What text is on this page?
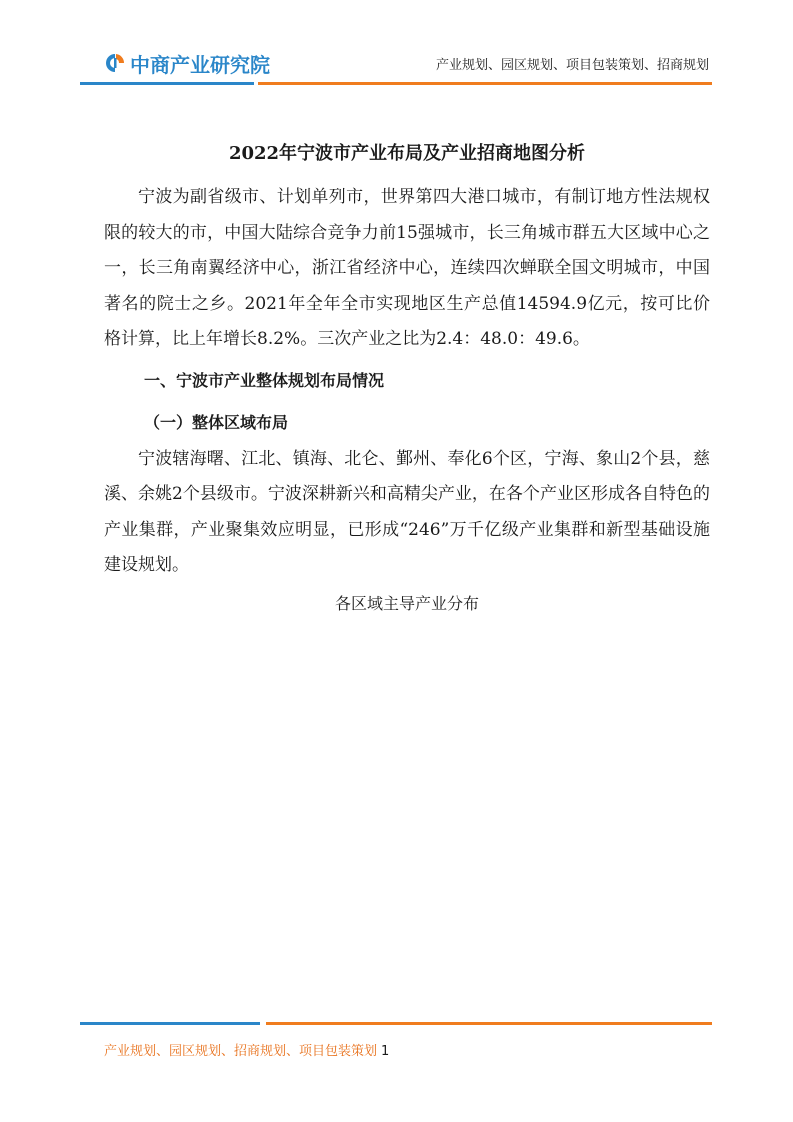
中商产业研究院	产业规划、园区规划、项目包装策划、招商规划
2022年宁波市产业布局及产业招商地图分析

宁波为副省级市、计划单列市，世界第四大港口城市，有制订地方性法规权限的较大的市，中国大陆综合竞争力前15强城市，长三角城市群五大区域中心之一，长三角南翼经济中心，浙江省经济中心，连续四次蝉联全国文明城市，中国著名的院士之乡。2021年全年全市实现地区生产总值14594.9亿元，按可比价格计算，比上年增长8.2%。三次产业之比为2.4：48.0：49.6。

一、宁波市产业整体规划布局情况
（一）整体区域布局

宁波辖海曙、江北、镇海、北仑、鄞州、奉化6个区，宁海、象山2个县，慈溪、余姚2个县级市。宁波深耕新兴和高精尖产业，在各个产业区形成各自特色的产业集群，产业聚集效应明显，已形成“246”万千亿级产业集群和新型基础设施建设规划。

各区域主导产业分布
产业规划、园区规划、招商规划、项目包装策划 1
